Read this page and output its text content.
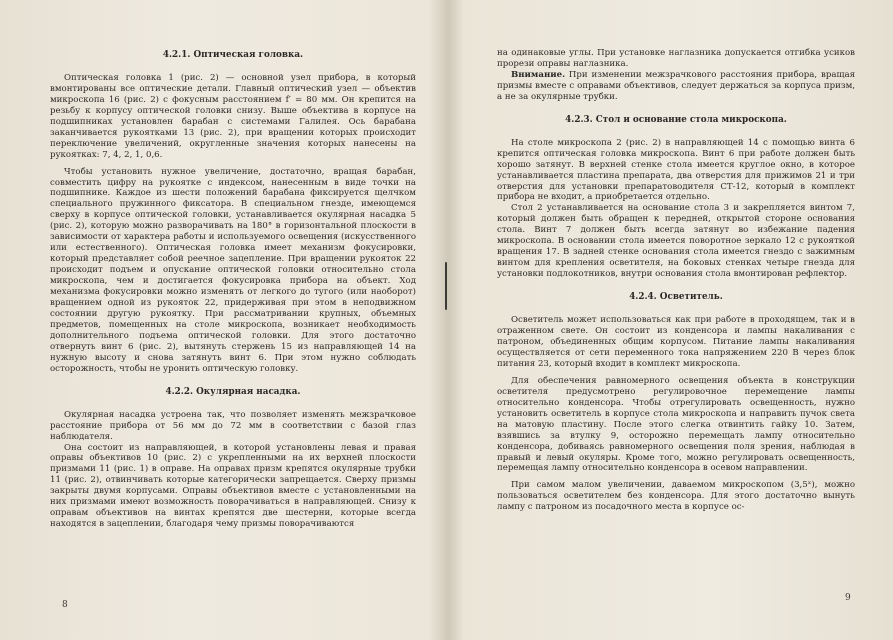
4.2.1. Оптическая головка.

Оптическая головка 1 (рис. 2) — основной узел прибора, в который вмонтированы все оптические детали. Главный оптический узел — объектив микроскопа 16 (рис. 2) с фокусным расстоянием f′ = 80 мм. Он крепится на резьбу к корпусу оптической головки снизу. Выше объектива в корпусе на подшипниках установлен барабан с системами Галилея. Ось барабана заканчивается рукоятками 13 (рис. 2), при вращении которых происходит переключение увеличений, округленные значения которых нанесены на рукоятках: 7, 4, 2, 1, 0,6.

Чтобы установить нужное увеличение, достаточно, вращая барабан, совместить цифру на рукоятке с индексом, нанесенным в виде точки на подшипнике. Каждое из шести положений барабана фиксируется щелчком специального пружинного фиксатора. В специальном гнезде, имеющемся сверху в корпусе оптической головки, устанавливается окулярная насадка 5 (рис. 2), которую можно разворачивать на 180° в горизонтальной плоскости в зависимости от характера работы и используемого освещения (искусственного или естественного). Оптическая головка имеет механизм фокусировки, который представляет собой реечное зацепление. При вращении рукояток 22 происходит подъем и опускание оптической головки относительно стола микроскопа, чем и достигается фокусировка прибора на объект. Ход механизма фокусировки можно изменять от легкого до тугого (или наоборот) вращением одной из рукояток 22, придерживая при этом в неподвижном состоянии другую рукоятку. При рассматривании крупных, объемных предметов, помещенных на столе микроскопа, возникает необходимость дополнительного подъема оптической головки. Для этого достаточно отвернуть винт 6 (рис. 2), вытянуть стержень 15 из направляющей 14 на нужную высоту и снова затянуть винт 6. При этом нужно соблюдать осторожность, чтобы не уронить оптическую головку.

4.2.2. Окулярная насадка.

Окулярная насадка устроена так, что позволяет изменять межзрачковое расстояние прибора от 56 мм до 72 мм в соответствии с базой глаз наблюдателя.

Она состоит из направляющей, в которой установлены левая и правая оправы объективов 10 (рис. 2) с укрепленными на их верхней плоскости призмами 11 (рис. 1) в оправе. На оправах призм крепятся окулярные трубки 11 (рис. 2), отвинчивать которые категорически запрещается. Сверху призмы закрыты двумя корпусами. Оправы объективов вместе с установленными на них призмами имеют возможность поворачиваться в направляющей. Снизу к оправам объективов на винтах крепятся две шестерни, которые всегда находятся в зацеплении, благодаря чему призмы поворачиваются

на одинаковые углы. При установке наглазника допускается отгибка усиков прорези оправы наглазника.

Внимание. При изменении межзрачкового расстояния прибора, вращая призмы вместе с оправами объективов, следует держаться за корпуса призм, а не за окулярные трубки.

4.2.3. Стол и основание стола микроскопа.

На столе микроскопа 2 (рис. 2) в направляющей 14 с помощью винта 6 крепится оптическая головка микроскопа. Винт 6 при работе должен быть хорошо затянут. В верхней стенке стола имеется круглое окно, в которое устанавливается пластина препарата, два отверстия для прижимов 21 и три отверстия для установки препаратоводителя СТ-12, который в комплект прибора не входит, а приобретается отдельно.

Стол 2 устанавливается на основание стола 3 и закрепляется винтом 7, который должен быть обращен к передней, открытой стороне основания стола. Винт 7 должен быть всегда затянут во избежание падения микроскопа. В основании стола имеется поворотное зеркало 12 с рукояткой вращения 17. В задней стенке основания стола имеется гнездо с зажимным винтом для крепления осветителя, на боковых стенках четыре гнезда для установки подлокотников, внутри основания стола вмонтирован рефлектор.

4.2.4. Осветитель.

Осветитель может использоваться как при работе в проходящем, так и в отраженном свете. Он состоит из конденсора и лампы накаливания с патроном, объединенных общим корпусом. Питание лампы накаливания осуществляется от сети переменного тока напряжением 220 В через блок питания 23, который входит в комплект микроскопа.

Для обеспечения равномерного освещения объекта в конструкции осветителя предусмотрено регулировочное перемещение лампы относительно конденсора. Чтобы отрегулировать освещенность, нужно установить осветитель в корпусе стола микроскопа и направить пучок света на матовую пластину. После этого слегка отвинтить гайку 10. Затем, взявшись за втулку 9, осторожно перемещать лампу относительно конденсора, добиваясь равномерного освещения поля зрения, наблюдая в правый и левый окуляры. Кроме того, можно регулировать освещенность, перемещая лампу относительно конденсора в осевом направлении.

При самом малом увеличении, даваемом микроскопом (3,5ˣ), можно пользоваться осветителем без конденсора. Для этого достаточно вынуть лампу с патроном из посадочного места в корпусе ос-

8
9
